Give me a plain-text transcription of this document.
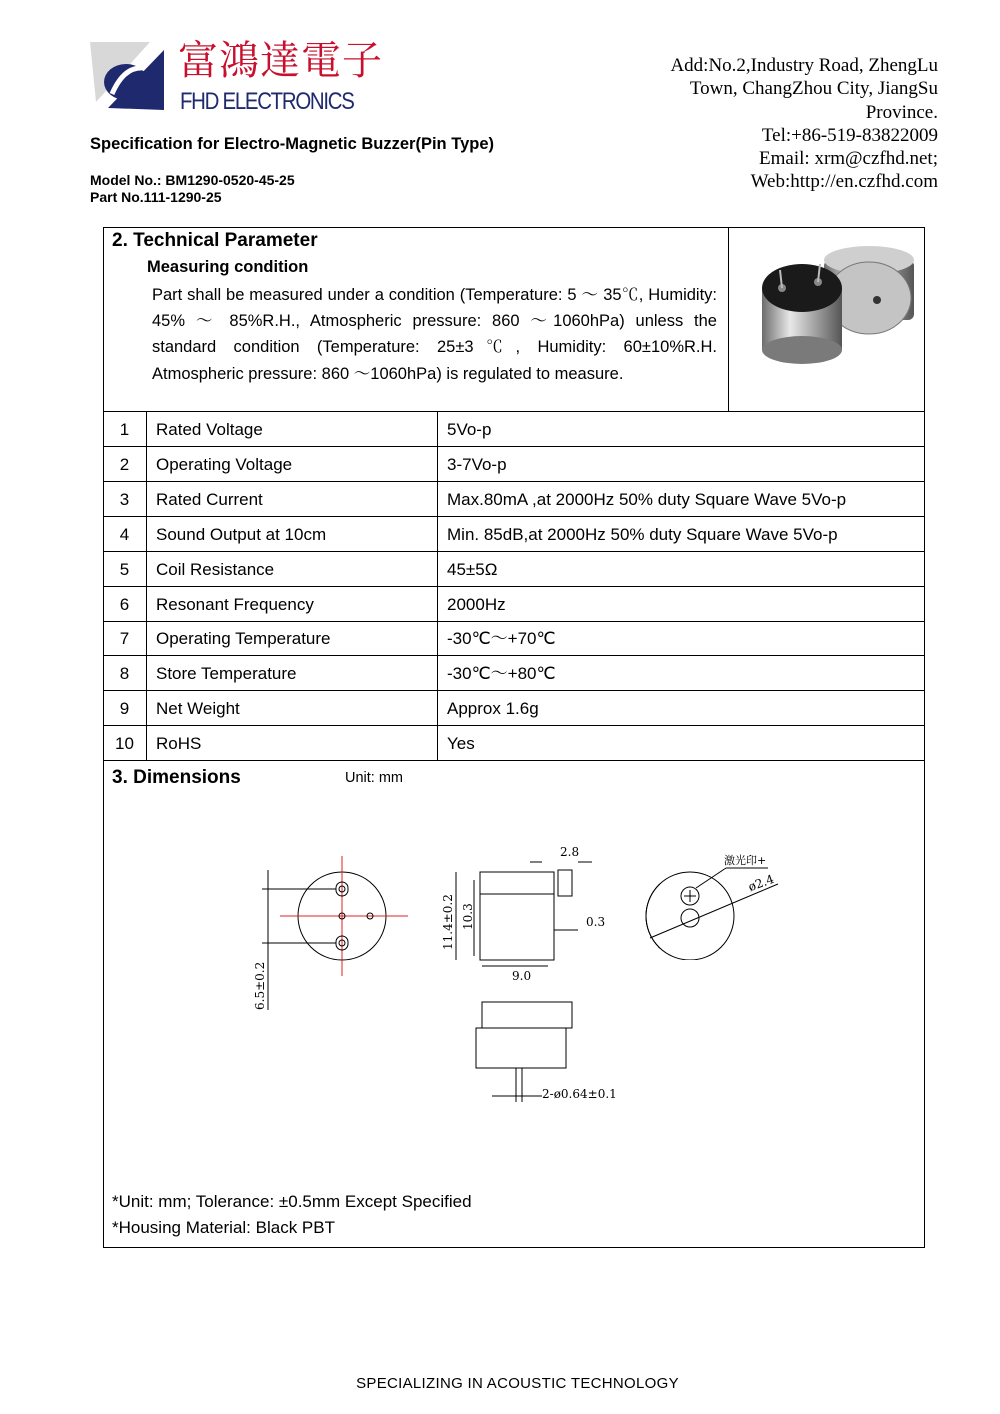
富鴻達電子
FHD ELECTRONICS
Add:No.2,Industry Road, ZhengLu
Town, ChangZhou City, JiangSu
Province.
Tel:+86-519-83822009
Email: xrm@czfhd.net;
Web:http://en.czfhd.com
Specification for Electro-Magnetic Buzzer(Pin Type)
Model No.: BM1290-0520-45-25
Part No.111-1290-25
2. Technical Parameter
Measuring condition
Part shall be measured under a condition (Temperature: 5 ～ 35℃, Humidity: 45% ～ 85%R.H., Atmospheric pressure: 860 ～1060hPa) unless the standard condition (Temperature: 25±3℃, Humidity: 60±10%R.H. Atmospheric pressure: 860 ～1060hPa) is regulated to measure.
1	Rated Voltage	5Vo-p
2	Operating Voltage	3-7Vo-p
3	Rated Current	Max.80mA ,at 2000Hz 50% duty Square Wave 5Vo-p
4	Sound Output at 10cm	Min. 85dB,at 2000Hz 50% duty Square Wave 5Vo-p
5	Coil Resistance	45±5Ω
6	Resonant Frequency	2000Hz
7	Operating Temperature	-30℃～+70℃
8	Store Temperature	-30℃～+80℃
9	Net Weight	Approx 1.6g
10	RoHS	Yes
3. Dimensions	Unit: mm
6.5±0.2
2.8
11.4±0.2 10.3	0.3
9.0
2-ø0.64±0.1
激光印+
ø2.4
*Unit: mm; Tolerance: ±0.5mm Except Specified
*Housing Material: Black PBT
SPECIALIZING IN ACOUSTIC TECHNOLOGY
